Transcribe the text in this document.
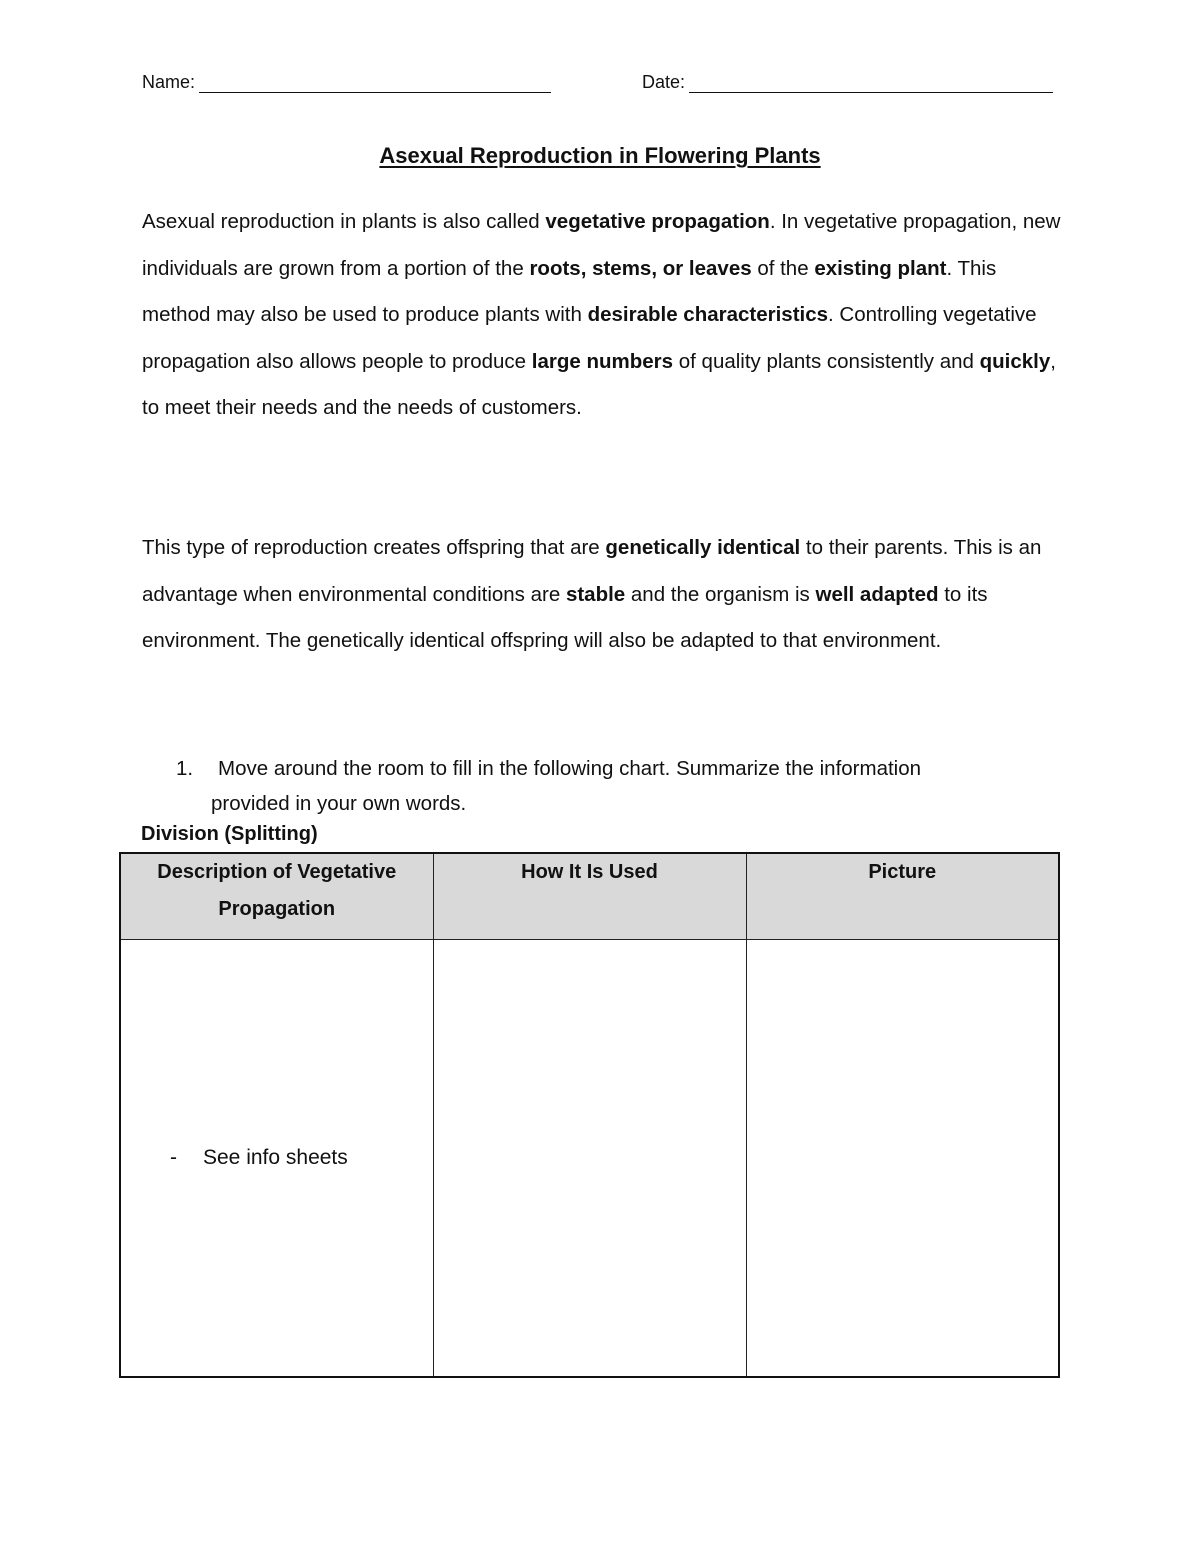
Name:	Date:
Asexual Reproduction in Flowering Plants

Asexual reproduction in plants is also called vegetative propagation. In vegetative propagation, new individuals are grown from a portion of the roots, stems, or leaves of the existing plant. This method may also be used to produce plants with desirable characteristics. Controlling vegetative propagation also allows people to produce large numbers of quality plants consistently and quickly, to meet their needs and the needs of customers.

This type of reproduction creates offspring that are genetically identical to their parents. This is an advantage when environmental conditions are stable and the organism is well adapted to its environment. The genetically identical offspring will also be adapted to that environment.

1. Move around the room to fill in the following chart. Summarize the information
provided in your own words.
Division (Splitting)
Description of Vegetative Propagation	How It Is Used	Picture

- See info sheets		
